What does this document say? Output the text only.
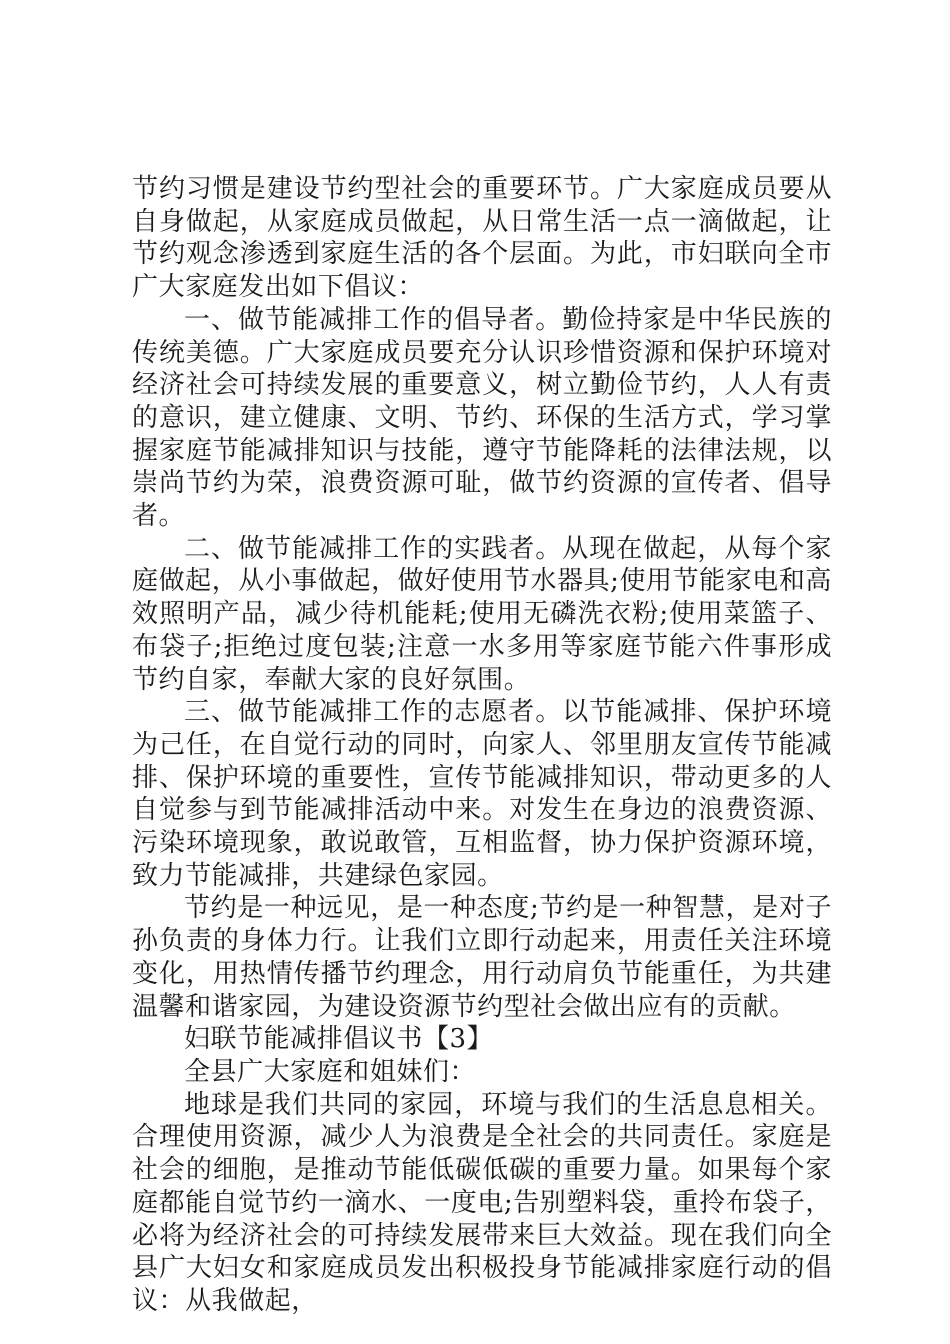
节约习惯是建设节约型社会的重要环节。广大家庭成员要从自身做起，从家庭成员做起，从日常生活一点一滴做起，让节约观念渗透到家庭生活的各个层面。为此，市妇联向全市广大家庭发出如下倡议：

一、做节能减排工作的倡导者。勤俭持家是中华民族的传统美德。广大家庭成员要充分认识珍惜资源和保护环境对经济社会可持续发展的重要意义，树立勤俭节约，人人有责的意识，建立健康、文明、节约、环保的生活方式，学习掌握家庭节能减排知识与技能，遵守节能降耗的法律法规，以崇尚节约为荣，浪费资源可耻，做节约资源的宣传者、倡导者。

二、做节能减排工作的实践者。从现在做起，从每个家庭做起，从小事做起，做好使用节水器具;使用节能家电和高效照明产品，减少待机能耗;使用无磷洗衣粉;使用菜篮子、布袋子;拒绝过度包装;注意一水多用等家庭节能六件事形成节约自家，奉献大家的良好氛围。

三、做节能减排工作的志愿者。以节能减排、保护环境为己任，在自觉行动的同时，向家人、邻里朋友宣传节能减排、保护环境的重要性，宣传节能减排知识，带动更多的人自觉参与到节能减排活动中来。对发生在身边的浪费资源、污染环境现象，敢说敢管，互相监督，协力保护资源环境，致力节能减排，共建绿色家园。

节约是一种远见，是一种态度;节约是一种智慧，是对子孙负责的身体力行。让我们立即行动起来，用责任关注环境变化，用热情传播节约理念，用行动肩负节能重任，为共建温馨和谐家园，为建设资源节约型社会做出应有的贡献。

妇联节能减排倡议书【3】

全县广大家庭和姐妹们：

地球是我们共同的家园，环境与我们的生活息息相关。合理使用资源，减少人为浪费是全社会的共同责任。家庭是社会的细胞，是推动节能低碳低碳的重要力量。如果每个家庭都能自觉节约一滴水、一度电;告别塑料袋，重拎布袋子，必将为经济社会的可持续发展带来巨大效益。现在我们向全县广大妇女和家庭成员发出积极投身节能减排家庭行动的倡议：从我做起，
